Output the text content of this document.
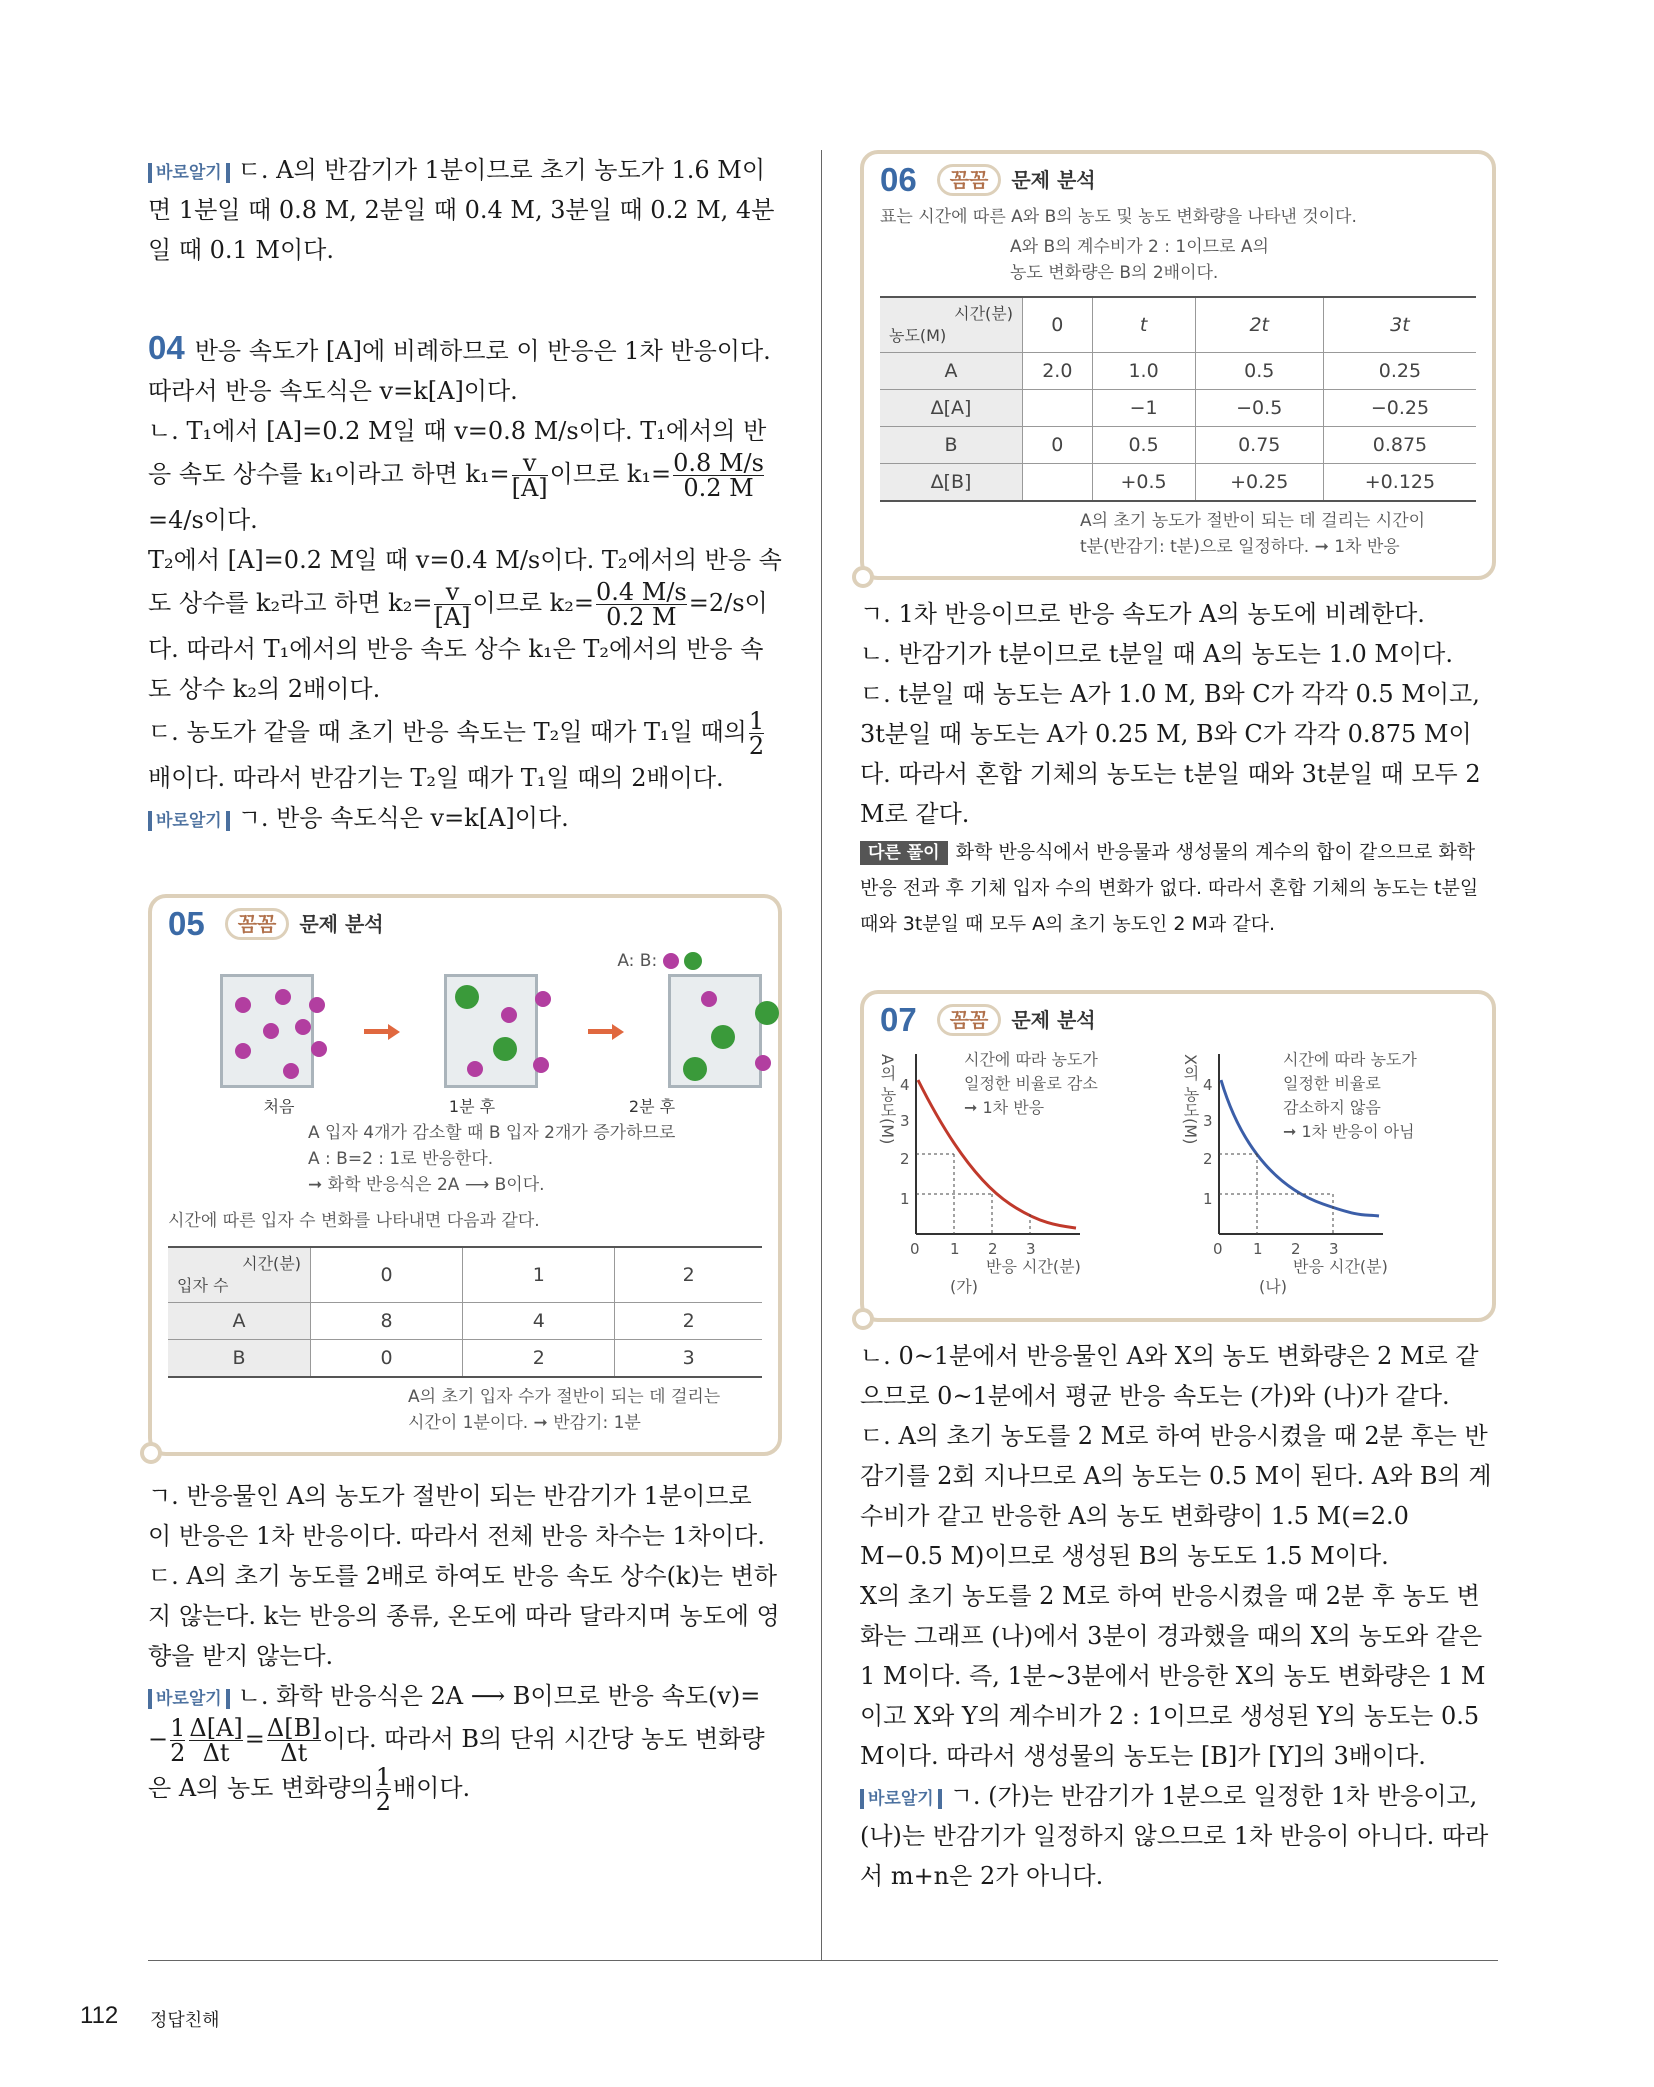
바로알기 ㄷ. A의 반감기가 1분이므로 초기 농도가 1.6 M이면 1분일 때 0.8 M, 2분일 때 0.4 M, 3분일 때 0.2 M, 4분일 때 0.1 M이다.

04 반응 속도가 [A]에 비례하므로 이 반응은 1차 반응이다. 따라서 반응 속도식은 v=k[A]이다.

ㄴ. T₁에서 [A]=0.2 M일 때 v=0.8 M/s이다. T₁에서의 반응 속도 상수를 k₁이라고 하면 $k_1= \frac{v}{[A]}$ 이므로 $k_1= \frac{0.8 M/s}{0.2 M}$
=4/s이다.

T₂에서 [A]=0.2 M일 때 v=0.4 M/s이다. T₂에서의 반응 속도 상수를 k₂라고 하면 $k_2= \frac{v}{[A]}$ 이므로 $k_2= \frac{0.4 M/s}{0.2 M} =2/s$이다. 따라서 T₁에서의 반응 속도 상수 k₁은 T₂에서의 반응 속도 상수 k₂의 2배이다.

ㄷ. 농도가 같을 때 초기 반응 속도는 T₂일 때가 T₁일 때의 $\frac{1}{2}$
배이다. 따라서 반감기는 T₂일 때가 T₁일 때의 2배이다.

바로알기 ㄱ. 반응 속도식은 v=k[A]이다.

05	꼼꼼	문제 분석
A: B:
처음	1분 후	2분 후
A 입자 4개가 감소할 때 B 입자 2개가 증가하므로
A : B=2 : 1로 반응한다.
➞ 화학 반응식은 2A ⟶ B이다.
시간에 따른 입자 수 변화를 나타내면 다음과 같다.
시간(분)
입자 수	0	1	2
A	8	4	2
B	0	2	3
A의 초기 입자 수가 절반이 되는 데 걸리는
시간이 1분이다. ➞ 반감기: 1분

ㄱ. 반응물인 A의 농도가 절반이 되는 반감기가 1분이므로 이 반응은 1차 반응이다. 따라서 전체 반응 차수는 1차이다.

ㄷ. A의 초기 농도를 2배로 하여도 반응 속도 상수(k)는 변하지 않는다. k는 반응의 종류, 온도에 따라 달라지며 농도에 영향을 받지 않는다.

바로알기 ㄴ. 화학 반응식은 2A ⟶ B이므로 반응 속도$(v)= - \frac{1}{2} \frac{\Delta[A]}{\Delta t} = \frac{\Delta[B]}{\Delta t}$ 이다. 따라서 B의 단위 시간당 농도 변화량은 A의 농도 변화량의 $\frac{1}{2}$ 배이다.

06	꼼꼼	문제 분석
표는 시간에 따른 A와 B의 농도 및 농도 변화량을 나타낸 것이다.
A와 B의 계수비가 2 : 1이므로 A의
농도 변화량은 B의 2배이다.
시간(분)
농도(M)	0	t	2t	3t
A	2.0	1.0	0.5	0.25
Δ[A]		−1	−0.5	−0.25
B	0	0.5	0.75	0.875
Δ[B]		+0.5	+0.25	+0.125
A의 초기 농도가 절반이 되는 데 걸리는 시간이
t분(반감기: t분)으로 일정하다. ➞ 1차 반응

ㄱ. 1차 반응이므로 반응 속도가 A의 농도에 비례한다.

ㄴ. 반감기가 t분이므로 t분일 때 A의 농도는 1.0 M이다.

ㄷ. t분일 때 농도는 A가 1.0 M, B와 C가 각각 0.5 M이고, 3t분일 때 농도는 A가 0.25 M, B와 C가 각각 0.875 M이다. 따라서 혼합 기체의 농도는 t분일 때와 3t분일 때 모두 2 M로 같다.

다른 풀이 화학 반응식에서 반응물과 생성물의 계수의 합이 같으므로 화학 반응 전과 후 기체 입자 수의 변화가 없다. 따라서 혼합 기체의 농도는 t분일 때와 3t분일 때 모두 A의 초기 농도인 2 M과 같다.

07	꼼꼼	문제 분석
A의 농도(M)
1
2
3
4
0 1 2 3
시간에 따라 농도가
일정한 비율로 감소
➞ 1차 반응
반응 시간(분)
(가)
X의 농도(M)
1
2
3
4
0 1 2 3
시간에 따라 농도가
일정한 비율로
감소하지 않음
➞ 1차 반응이 아님
반응 시간(분)
(나)

ㄴ. 0~1분에서 반응물인 A와 X의 농도 변화량은 2 M로 같으므로 0~1분에서 평균 반응 속도는 (가)와 (나)가 같다.

ㄷ. A의 초기 농도를 2 M로 하여 반응시켰을 때 2분 후는 반감기를 2회 지나므로 A의 농도는 0.5 M이 된다. A와 B의 계수비가 같고 반응한 A의 농도 변화량이 1.5 M(=2.0 M−0.5 M)이므로 생성된 B의 농도도 1.5 M이다.

X의 초기 농도를 2 M로 하여 반응시켰을 때 2분 후 농도 변화는 그래프 (나)에서 3분이 경과했을 때의 X의 농도와 같은 1 M이다. 즉, 1분~3분에서 반응한 X의 농도 변화량은 1 M이고 X와 Y의 계수비가 2 : 1이므로 생성된 Y의 농도는 0.5 M이다. 따라서 생성물의 농도는 [B]가 [Y]의 3배이다.

바로알기 ㄱ. (가)는 반감기가 1분으로 일정한 1차 반응이고, (나)는 반감기가 일정하지 않으므로 1차 반응이 아니다. 따라서 m+n은 2가 아니다.

112 정답친해
